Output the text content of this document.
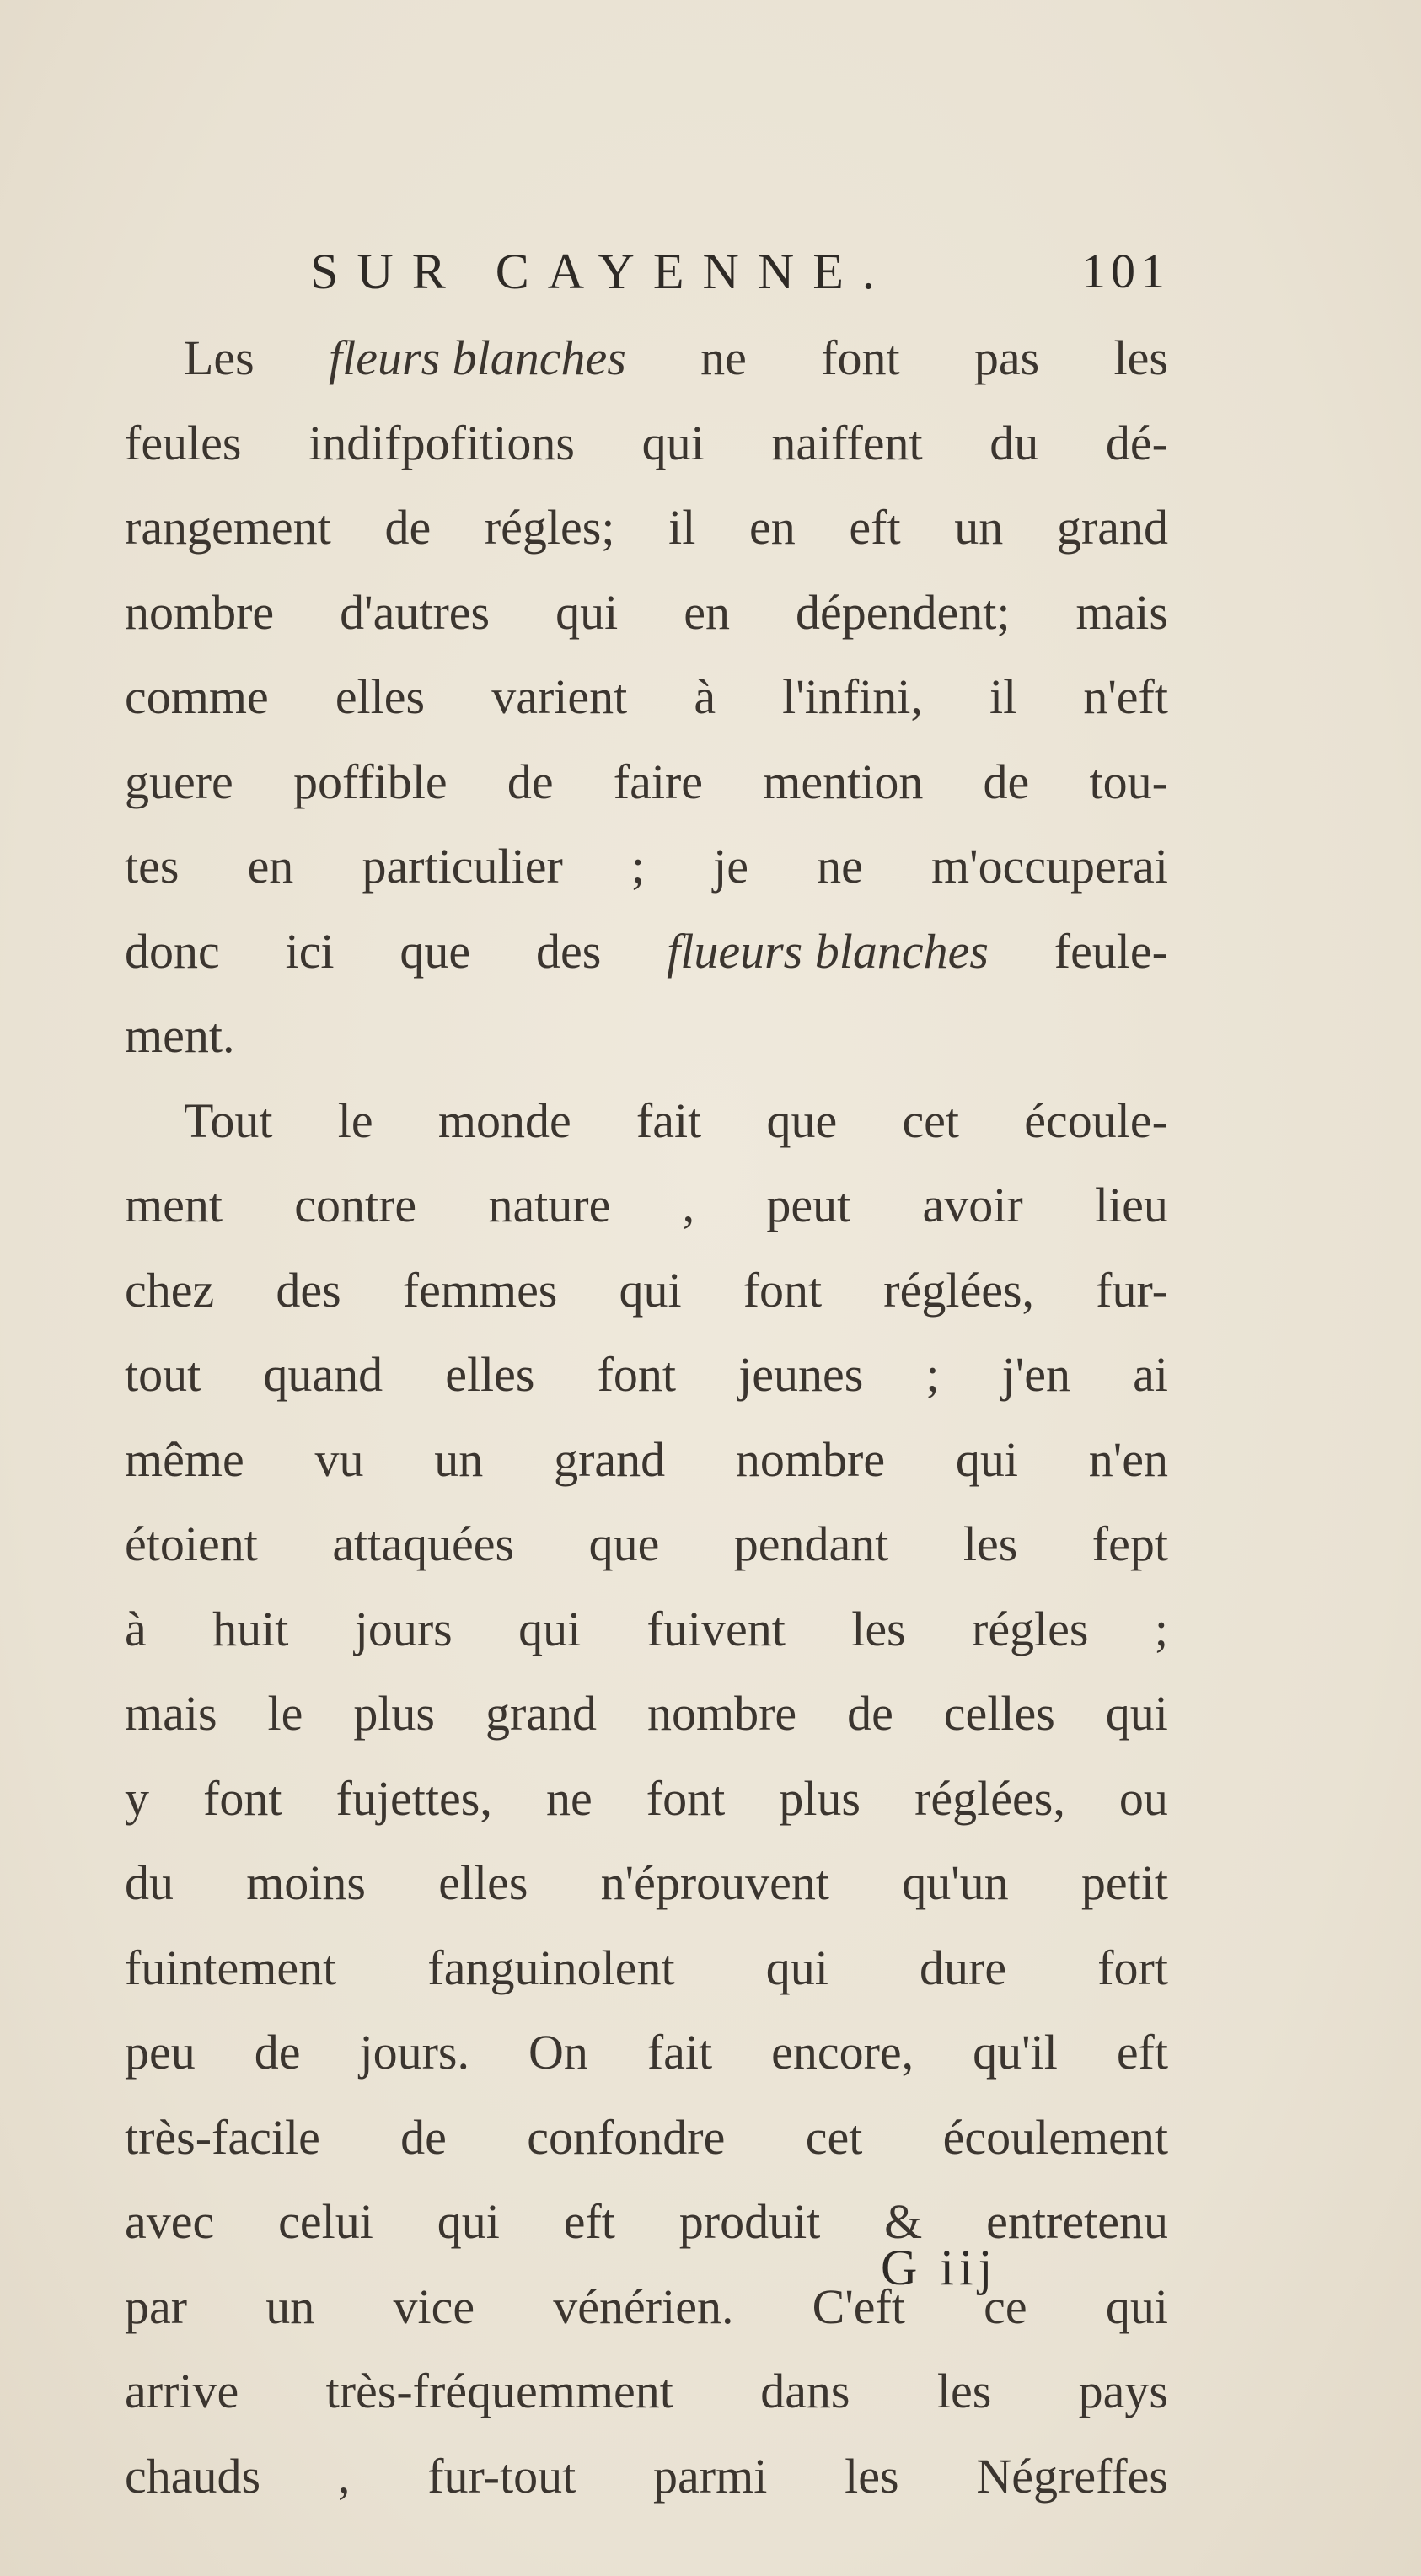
SUR CAYENNE.	101
Les fleurs blanches ne font pas les
feules indifpofitions qui naiffent du dé-
rangement de régles; il en eft un grand
nombre d'autres qui en dépendent; mais
comme elles varient à l'infini, il n'eft
guere poffible de faire mention de tou-
tes en particulier ; je ne m'occuperai
donc ici que des flueurs blanches feule-
ment.
Tout le monde fait que cet écoule-
ment contre nature , peut avoir lieu
chez des femmes qui font réglées, fur-
tout quand elles font jeunes ; j'en ai
même vu un grand nombre qui n'en
étoient attaquées que pendant les fept
à huit jours qui fuivent les régles ;
mais le plus grand nombre de celles qui
y font fujettes, ne font plus réglées, ou
du moins elles n'éprouvent qu'un petit
fuintement fanguinolent qui dure fort
peu de jours. On fait encore, qu'il eft
très-facile de confondre cet écoulement
avec celui qui eft produit & entretenu
par un vice vénérien. C'eft ce qui
arrive très-fréquemment dans les pays
chauds , fur-tout parmi les Négreffes
G iij
